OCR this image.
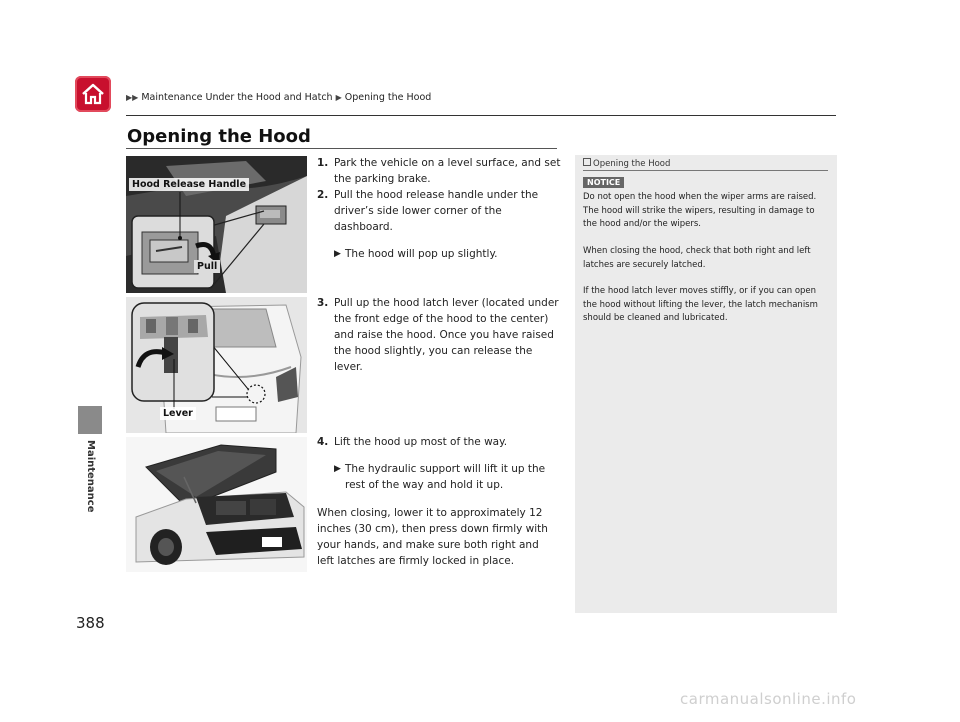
▶▶ Maintenance Under the Hood and Hatch ▶ Opening the Hood
Maintenance
388
Opening the Hood
Hood Release Handle
Pull
Lever

1. Park the vehicle on a level surface, and set the parking brake.

2. Pull the hood release handle under the driver’s side lower corner of the dashboard.

▶ The hood will pop up slightly.

3. Pull up the hood latch lever (located under the front edge of the hood to the center) and raise the hood. Once you have raised the hood slightly, you can release the lever.

4. Lift the hood up most of the way.

▶ The hydraulic support will lift it up the rest of the way and hold it up.

When closing, lower it to approximately 12 inches (30 cm), then press down firmly with your hands, and make sure both right and left latches are firmly locked in place.

Opening the Hood
NOTICE
Do not open the hood when the wiper arms are raised. The hood will strike the wipers, resulting in damage to the hood and/or the wipers.
When closing the hood, check that both right and left latches are securely latched.
If the hood latch lever moves stiffly, or if you can open the hood without lifting the lever, the latch mechanism should be cleaned and lubricated.
carmanualsonline.info
